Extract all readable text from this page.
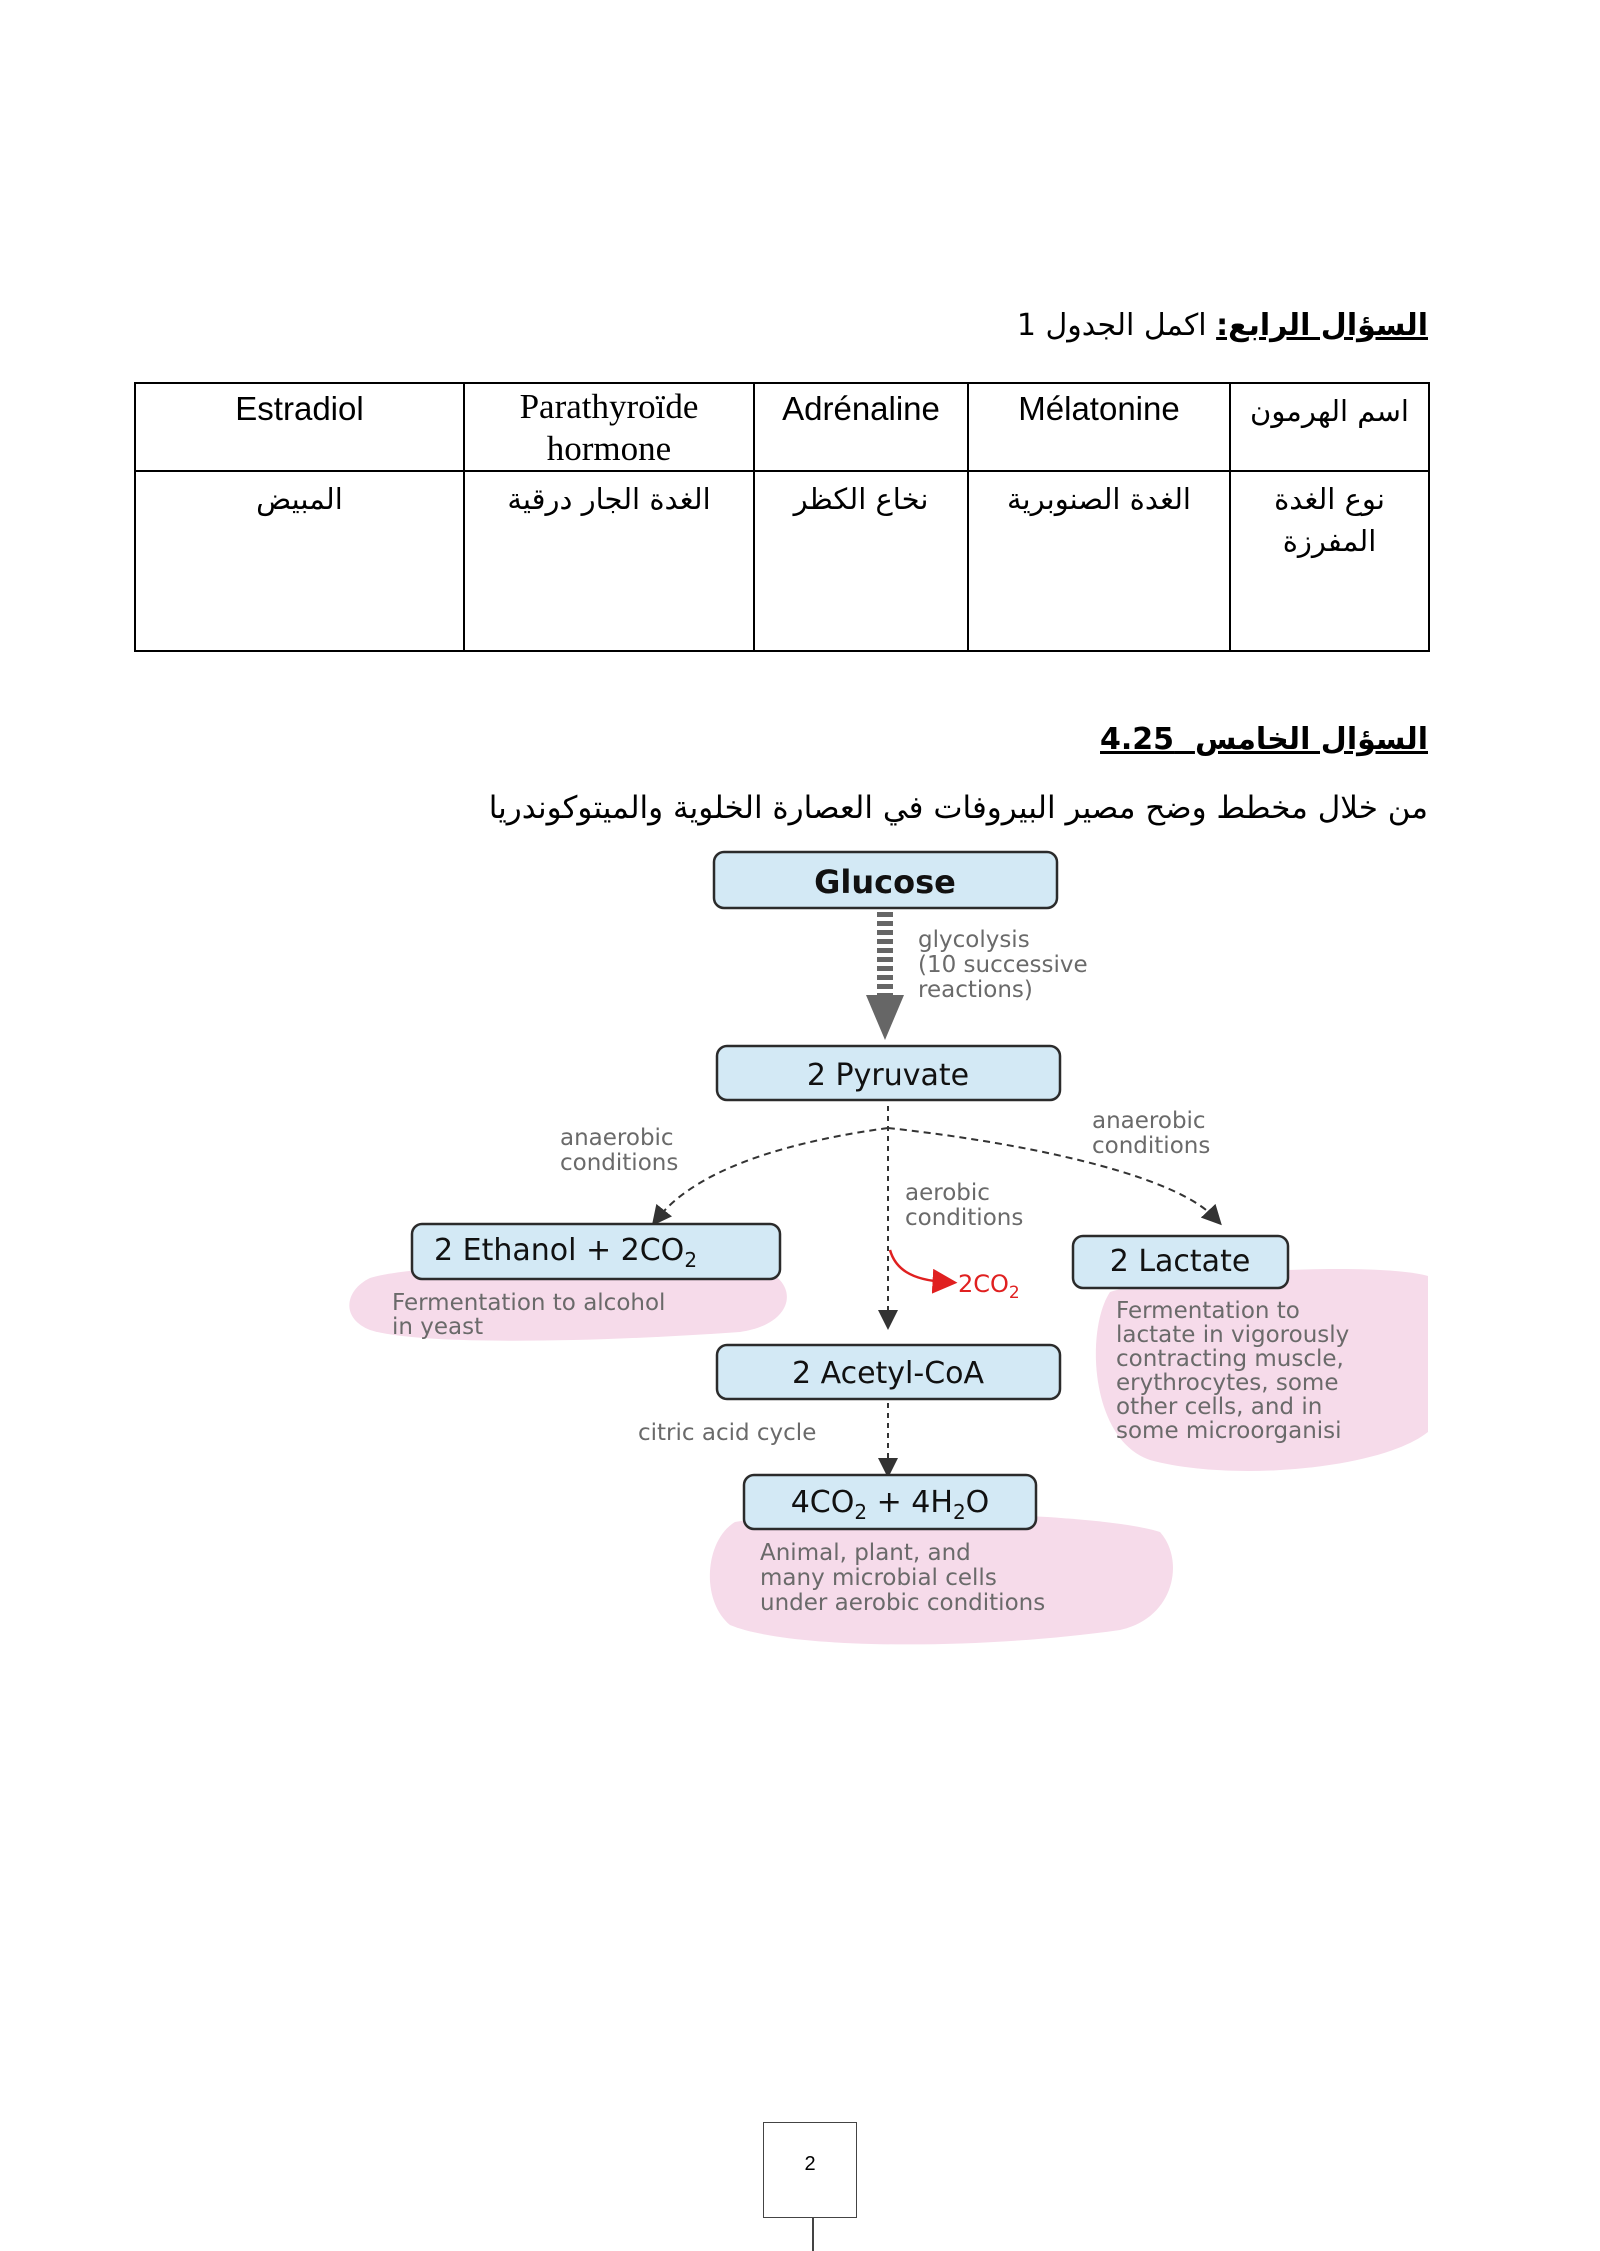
السؤال الرابع: اكمل الجدول 1
Estradiol	Parathyroïde hormone	Adrénaline	Mélatonine	اسم الهرمون

المبيض	الغدة الجار درقية	نخاع الكظر	الغدة الصنوبرية	نوع الغدة المفرزة
السؤال الخامس  4.25
من خلال مخطط وضح مصير البيروفات في العصارة الخلوية والميتوكوندريا
Glucose
glycolysis (10 successive reactions)
2 Pyruvate
anaerobic conditions
anaerobic conditions
aerobic conditions
$2CO_2$
2 Ethanol + $2CO_2$
Fermentation to alcohol in yeast
2 Lactate
Fermentation to lactate in vigorously contracting muscle, erythrocytes, some other cells, and in some microorganisi
2 Acetyl-CoA
citric acid cycle
$4CO_2 + 4H_2O$
Animal, plant, and many microbial cells under aerobic conditions
2
